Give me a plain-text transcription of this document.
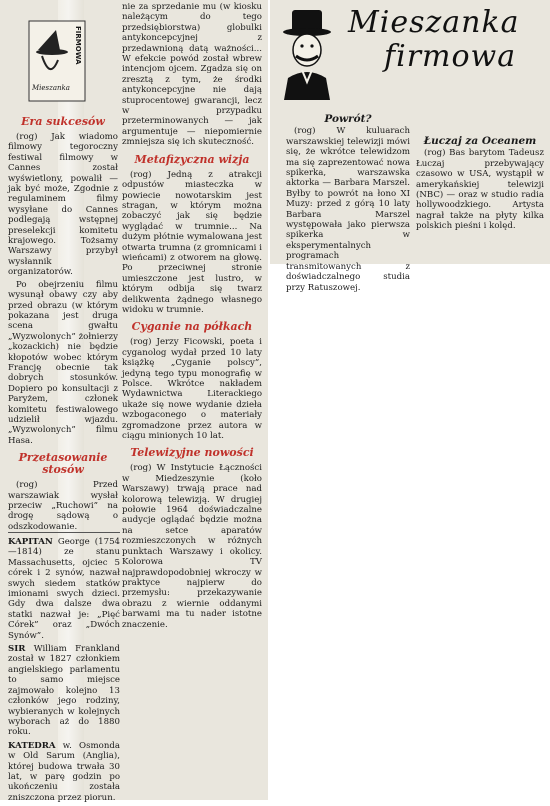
FIRMOWA
Mieszanka
Era sukcesów

(rog) Jak wiadomo filmowy tegoroczny festiwal filmowy w Cannes został wyświetlony, powalił — jak być może, Zgodnie z regulaminem filmy wysyłane do Cannes podlegają wstępnej preselekcji komitetu krajowego. Tożsamy Warszawy przybył wysłannik organizatorów.

Po obejrzeniu filmu wysunął obawy czy aby przed obrazu (w którym pokazana jest druga scena gwałtu „Wyzwolonych” żołnierzy „kozackich) nie będzie kłopotów wobec którym Francję obecnie tak dobrych stosunków. Dopiero po konsultacji z Paryżem, członek komitetu festiwalowego udzielił wjazdu. „Wyzwolonych” filmu Hasa.

Przetasowanie stosów

(rog) Przed warszawiak wysłał przeciw „Ruchowi” na drogę sądową o odszkodowanie.

nie za sprzedanie mu (w kiosku należącym do tego przedsiębiorstwa) globulki antykoncepcyjnej z przedawnioną datą ważności... W efekcie powód został wbrew intencjom ojcem. Zgadza się on zresztą z tym, że środki antykoncepcyjne nie dają stuprocentowej gwarancji, lecz w przypadku przeterminowanych — jak argumentuje — niepomiernie zmniejsza się ich skuteczność.

Metafizyczna wizja

(rog) Jedną z atrakcji odpustów miasteczka w powiecie nowotarskim jest stragan, w którym można zobaczyć jak się będzie wyglądać w trumnie... Na dużym płótnie wymalowana jest otwarta trumna (z gromnicami i wieńcami) z otworem na głowę. Po przeciwnej stronie umieszczone jest lustro, w którym odbija się twarz delikwenta żądnego własnego widoku w trumnie.

Cyganie na półkach

(rog) Jerzy Ficowski, poeta i cyganolog wydał przed 10 laty książkę „Cyganie polscy”, jedyną tego typu monografię w Polsce. Wkrótce nakładem Wydawnictwa Literackiego ukaże się nowe wydanie dzieła wzbogaconego o materiały zgromadzone przez autora w ciągu minionych 10 lat.

Telewizyjne nowości

(rog) W Instytucie Łączności w Miedzeszynie (koło Warszawy) trwają prace nad kolorową telewizją. W drugiej połowie 1964 doświadczalne audycje oglądać będzie można na setce aparatów rozmieszczonych w różnych punktach Warszawy i okolicy. Kolorowa TV najprawdopodobniej wkroczy w praktyce najpierw do przemysłu: przekazywanie obrazu z wiernie oddanymi barwami ma tu nader istotne znaczenie.

KAPITAN George (1754—1814) ze stanu Massachusetts, ojciec 5 córek i 2 synów, nazwał swych siedem statków imionami swych dzieci. Gdy dwa dalsze dwa statki nazwał je: „Pięć Córek” oraz „Dwóch Synów”.
SIR William Frankland został w 1827 członkiem angielskiego parlamentu to samo miejsce zajmowało kolejno 13 członków jego rodziny, wybieranych w kolejnych wyborach aż do 1880 roku.
KATEDRA w. Osmonda w Old Sarum (Anglia), której budowa trwała 30 lat, w parę godzin po ukończeniu została zniszczona przez piorun.
Mieszanka
firmowa
Powrót?

(rog) W kuluarach warszawskiej telewizji mówi się, że wkrótce telewidzom ma się zaprezentować nowa spikerka, warszawska aktorka — Barbara Marszel. Byłby to powrót na łono XI Muzy: przed z górą 10 laty Barbara Marszel występowała jako pierwsza spikerka w eksperymentalnych programach transmitowanych z doświadczalnego studia przy Ratuszowej.

Łuczaj za Oceanem

(rog) Bas barytom Tadeusz Łuczaj przebywający czasowo w USA, wystąpił w amerykańskiej telewizji (NBC) — oraz w studio radia hollywoodzkiego. Artysta nagrał także na płyty kilka polskich pieśni i kolęd.
